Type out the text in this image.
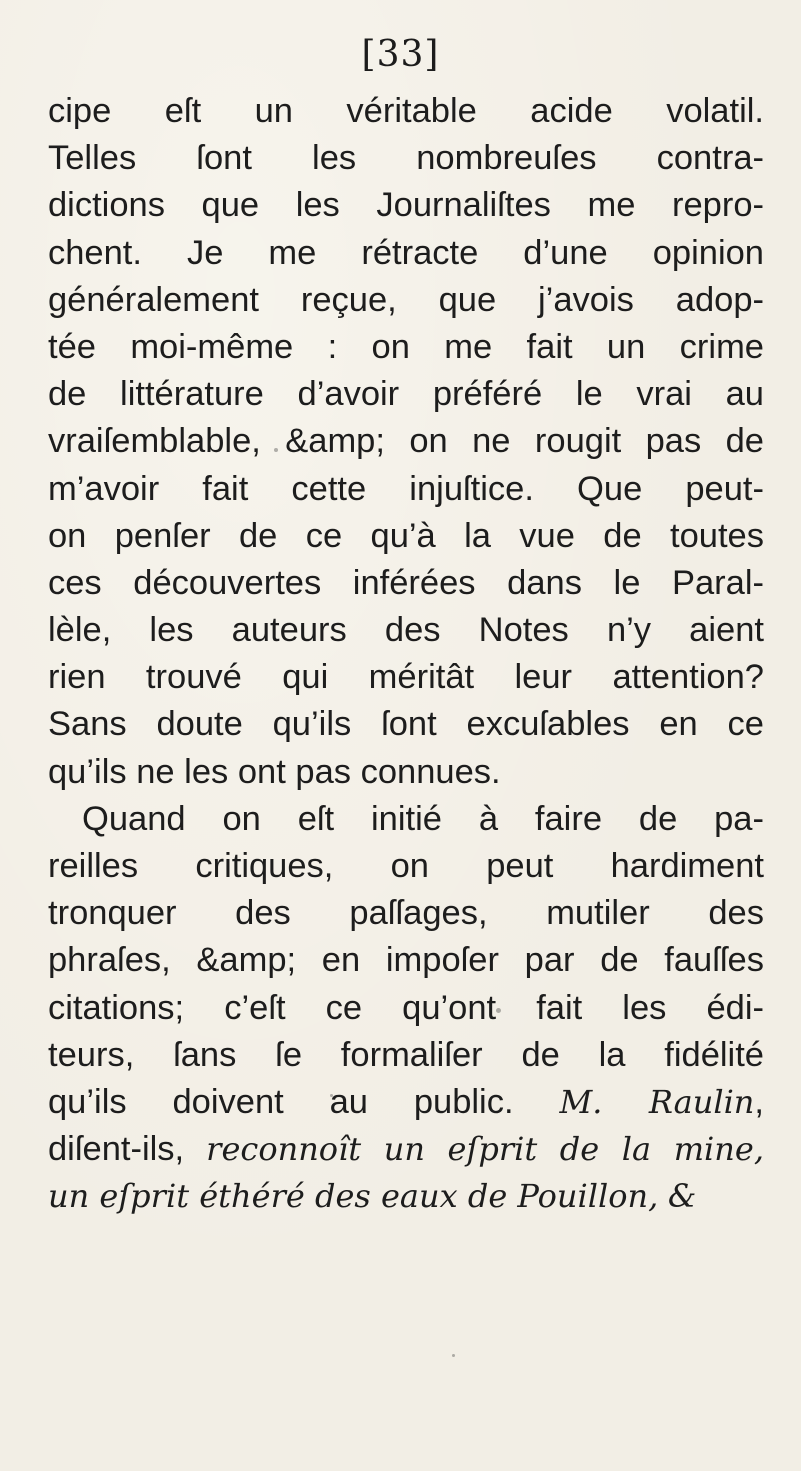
[33]
cipe eſt un véritable acide volatil.
Telles ſont les nombreuſes contra-
dictions que les Journaliſtes me repro-
chent. Je me rétracte d’une opinion
généralement reçue, que j’avois adop-
tée moi-même : on me fait un crime
de littérature d’avoir préféré le vrai au
vraiſemblable, &amp; on ne rougit pas de
m’avoir fait cette injuſtice. Que peut-
on penſer de ce qu’à la vue de toutes
ces découvertes inférées dans le Paral-
lèle, les auteurs des Notes n’y aient
rien trouvé qui méritât leur attention?
Sans doute qu’ils ſont excuſables en ce
qu’ils ne les ont pas connues.
Quand on eſt initié à faire de pa-
reilles critiques, on peut hardiment
tronquer des paſſages, mutiler des
phraſes, &amp; en impoſer par de fauſſes
citations; c’eſt ce qu’ont fait les édi-
teurs, ſans ſe formaliſer de la fidélité
qu’ils doivent au public. M. Raulin,
diſent-ils, reconnoît un eſprit de la mine,
un eſprit éthéré des eaux de Pouillon, &
